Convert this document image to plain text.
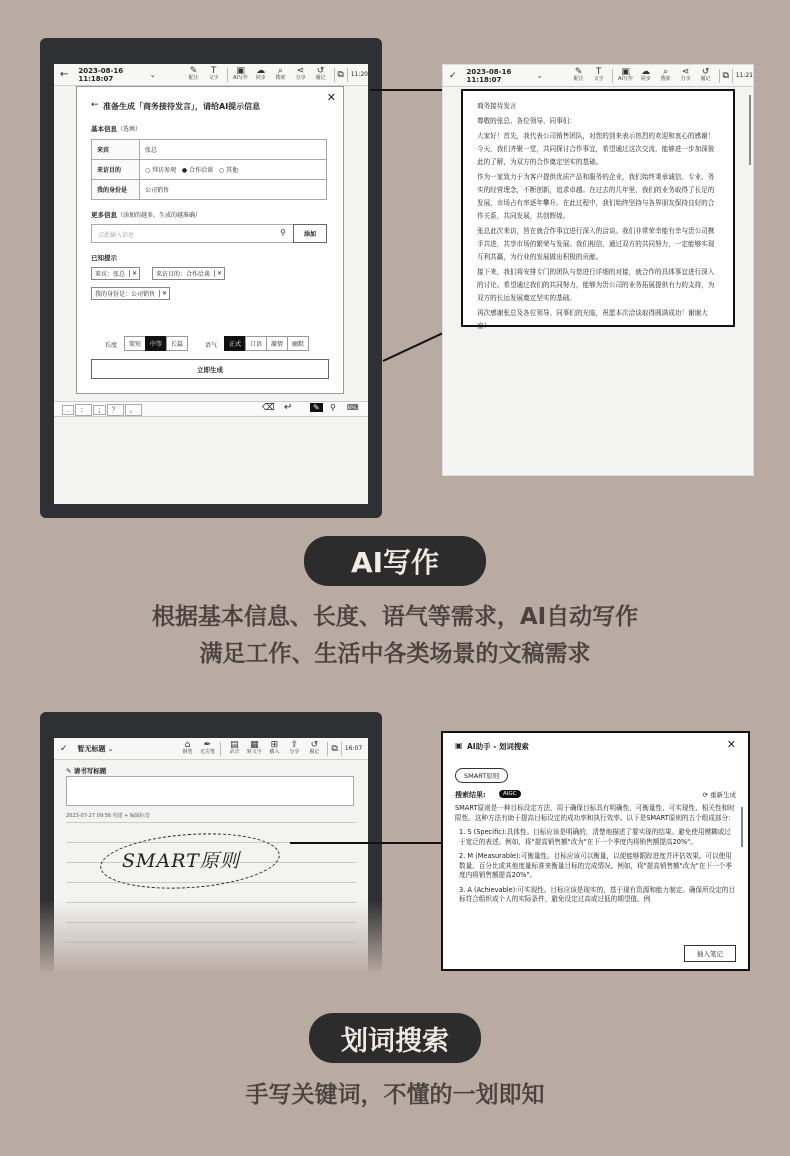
← 2023-08-16 11:18:07	⌄	✎
配注
T
文字
▣
AI写作
☁
同步
⌕
搜索
⋖
分享
↺
履记 ⧉ 11:20
← 准备生成「商务接待发言」，请给AI提示信息
✕
基本信息（选填）
来宾	张总
来访目的	○ 拜访参观 ● 合作洽谈 ○ 其他
我的身份是	公司销售
更多信息（添加的越多，生成的越准确）
点此输入信息	⚲	添加
已知提示
来宾：张总	✕	来访目的：合作洽谈	✕
我的身份是：公司销售	✕
长度	简短	中等	长篇	语气	正式	口语	激情	幽默
立即生成
.	：	;	？	。	⌫ ↵	✎	⚲ ⌨
✓ 2023-08-16 11:18:07	⌄	✎
配注
T
文字
▣
AI写作
☁
同步
⌕
搜索
⋖
分享
↺
履记 ⧉ 11:21

商务接待发言

尊敬的张总、各位领导、同事们：

大家好！首先，我代表公司销售团队，对您的到来表示热烈的欢迎和衷心的感谢！今天，我们齐聚一堂，共同探讨合作事宜，希望通过这次交流，能够进一步加深彼此的了解，为双方的合作奠定坚实的基础。

作为一家致力于为客户提供优质产品和服务的企业，我们始终秉承诚信、专业、务实的经营理念，不断创新，追求卓越。在过去的几年里，我们的业务取得了长足的发展，市场占有率逐年攀升。在此过程中，我们始终坚持与各界朋友保持良好的合作关系，共同发展，共创辉煌。

张总此次来访，旨在就合作事宜进行深入的洽谈。我们非常荣幸能有幸与贵公司携手共进，共享市场的繁荣与发展。我们相信，通过双方的共同努力，一定能够实现互利共赢，为行业的发展做出积极的贡献。

接下来，我们将安排专门的团队与您进行详细的对接，就合作的具体事宜进行深入的讨论。希望通过我们的共同努力，能够为贵公司的业务拓展提供有力的支持，为双方的长远发展奠定坚实的基础。

再次感谢张总及各位领导、同事们的光临，祝愿本次洽谈取得圆满成功！谢谢大家！

AI写作
根据基本信息、长度、语气等需求，AI自动写作
满足工作、生活中各类场景的文稿需求
✓ 暂无标题 ⌄	⌂
钢笔
✒
无尖笔
▤
录音
▦
转文字
⊞
插入
⇪
分享
↺
履记 ⧉ 16:07
✎ 请书写标题
2023-07-27 09:56 创建 + 编辑标签
SMART原则
▣ AI助手 - 划词搜索	✕
SMART原则
搜索结果:	AIGC	⟳ 重新生成

SMART原则是一种目标设定方法，用于确保目标具有明确性、可衡量性、可实现性、相关性和时限性。这种方法有助于提高目标设定的成功率和执行效率。以下是SMART原则的五个组成部分：

1. S (Specific):具体性。目标应该是明确的，清楚地描述了要实现的结果。避免使用模糊或过于宽泛的表述。例如，将"提高销售额"改为"在下一个季度内将销售额提高20%"。

2. M (Measurable):可衡量性。目标应该可以衡量，以便能够跟踪进度并评估效果。可以使用数量、百分比或其他度量标准来衡量目标的完成情况。例如，将"提高销售额"改为"在下一个季度内将销售额提高20%"。

3. A (Achievable):可实现性。目标应该是现实的，基于现有资源和能力制定。确保所设定的目标符合组织或个人的实际条件，避免设定过高或过低的期望值。例

插入笔记
划词搜索
手写关键词，不懂的一划即知
